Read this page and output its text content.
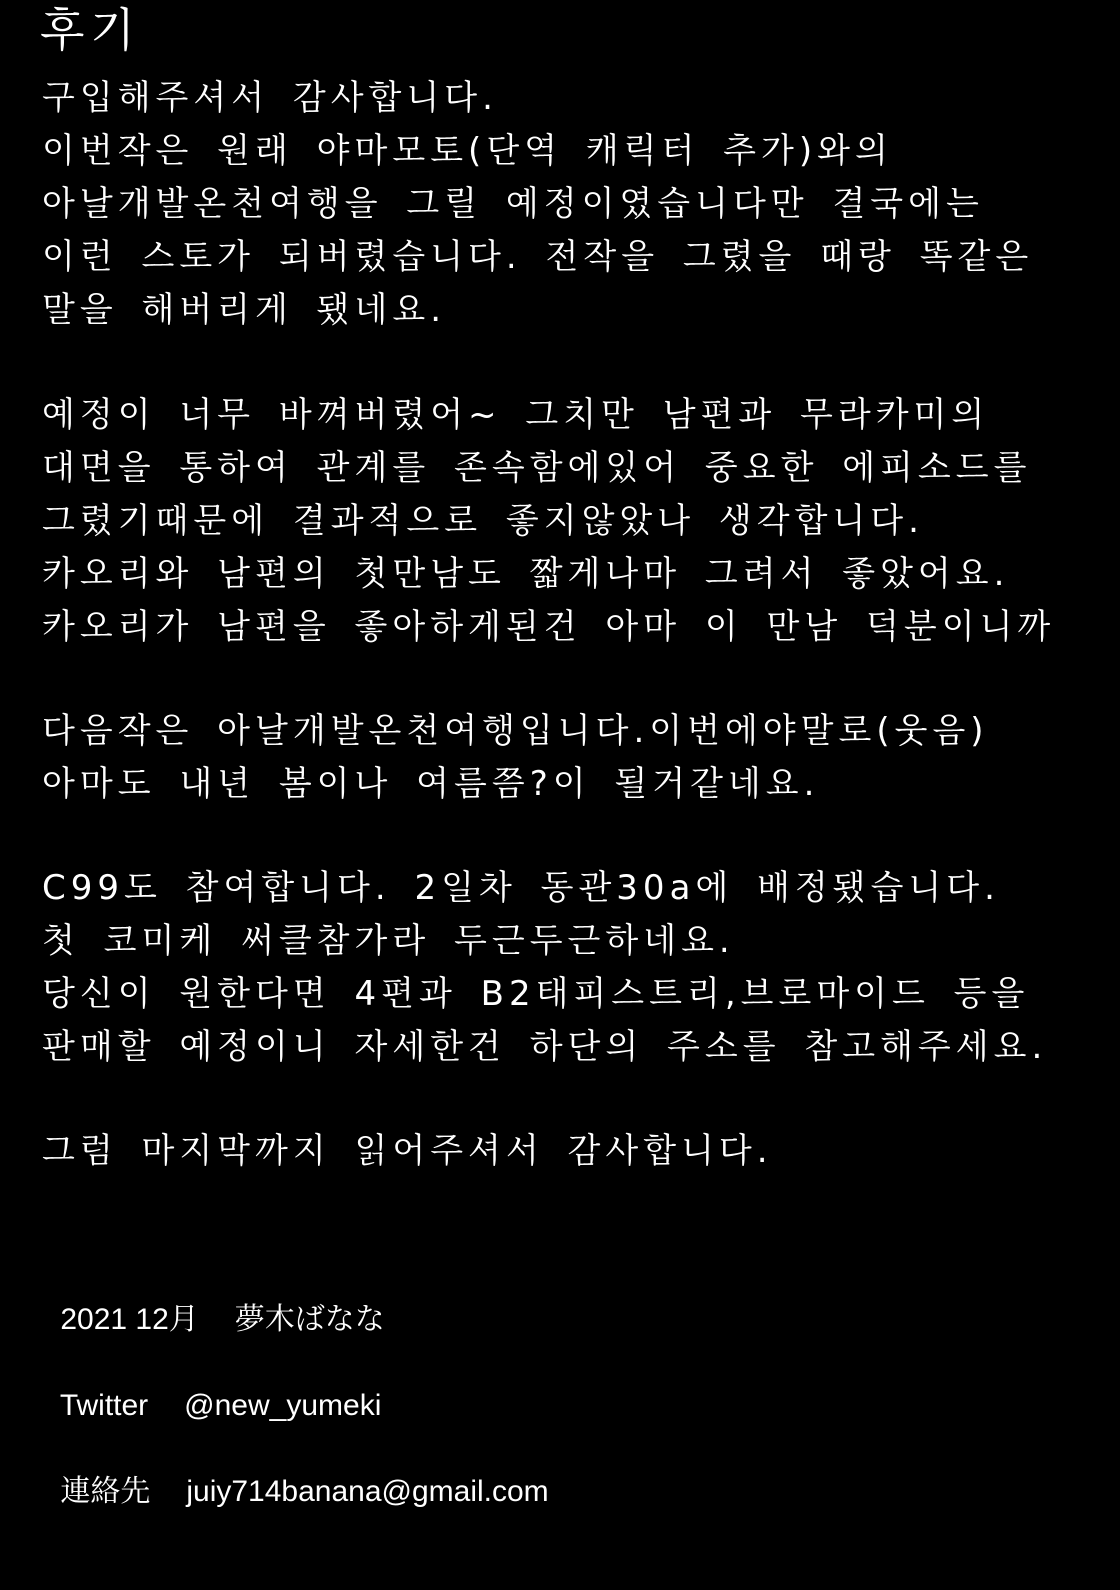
후기
구입해주셔서 감사합니다.
이번작은 원래 야마모토(단역 캐릭터 추가)와의
아날개발온천여행을 그릴 예정이였습니다만 결국에는
이런 스토가 되버렸습니다. 전작을 그렸을 때랑 똑같은
말을 해버리게 됐네요.
예정이 너무 바껴버렸어~ 그치만 남편과 무라카미의
대면을 통하여 관계를 존속함에있어 중요한 에피소드를
그렸기때문에 결과적으로 좋지않았나 생각합니다.
카오리와 남편의 첫만남도 짧게나마 그려서 좋았어요.
카오리가 남편을 좋아하게된건 아마 이 만남 덕분이니까
다음작은 아날개발온천여행입니다.이번에야말로(웃음)
아마도 내년 봄이나 여름쯤?이 될거같네요.
C99도 참여합니다. 2일차 동관30a에 배정됐습니다.
첫 코미케 써클참가라 두근두근하네요.
당신이 원한다면 4편과 B2태피스트리,브로마이드 등을
판매할 예정이니 자세한건 하단의 주소를 참고해주세요.
그럼 마지막까지 읽어주셔서 감사합니다.

2021 12月 夢木ばなな

Twitter @new_yumeki

連絡先 juiy714banana@gmail.com
